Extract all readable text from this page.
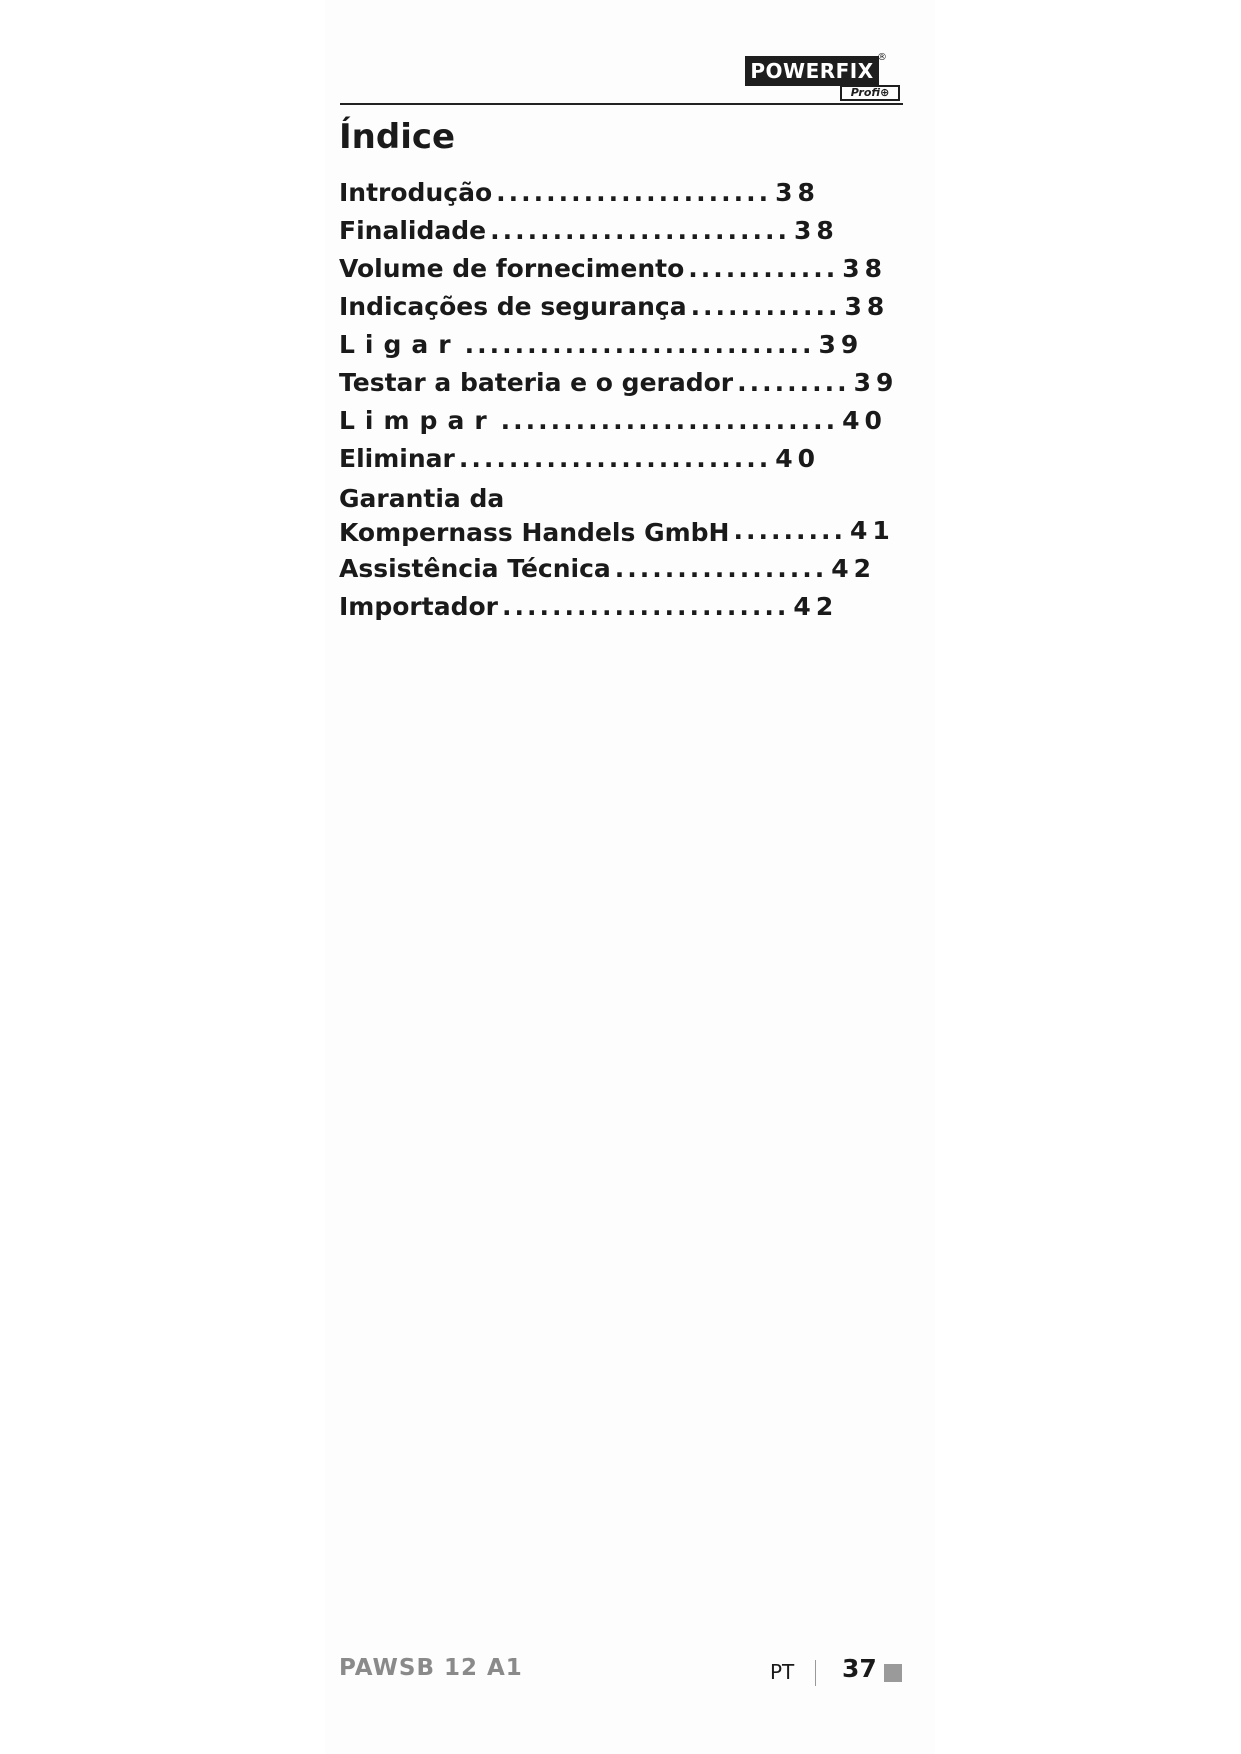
POWERFIX
®
Profi⊕
Índice
Introdução ...................... 38
Finalidade ........................ 38
Volume de fornecimento ............ 38
Indicações de segurança ............ 38
Ligar ............................ 39
Testar a bateria e o gerador ......... 39
Limpar ........................... 40
Eliminar ......................... 40
Garantia da
Kompernass Handels GmbH ......... 41
Assistência Técnica ................. 42
Importador ....................... 42
PAWSB 12 A1	PT 37
